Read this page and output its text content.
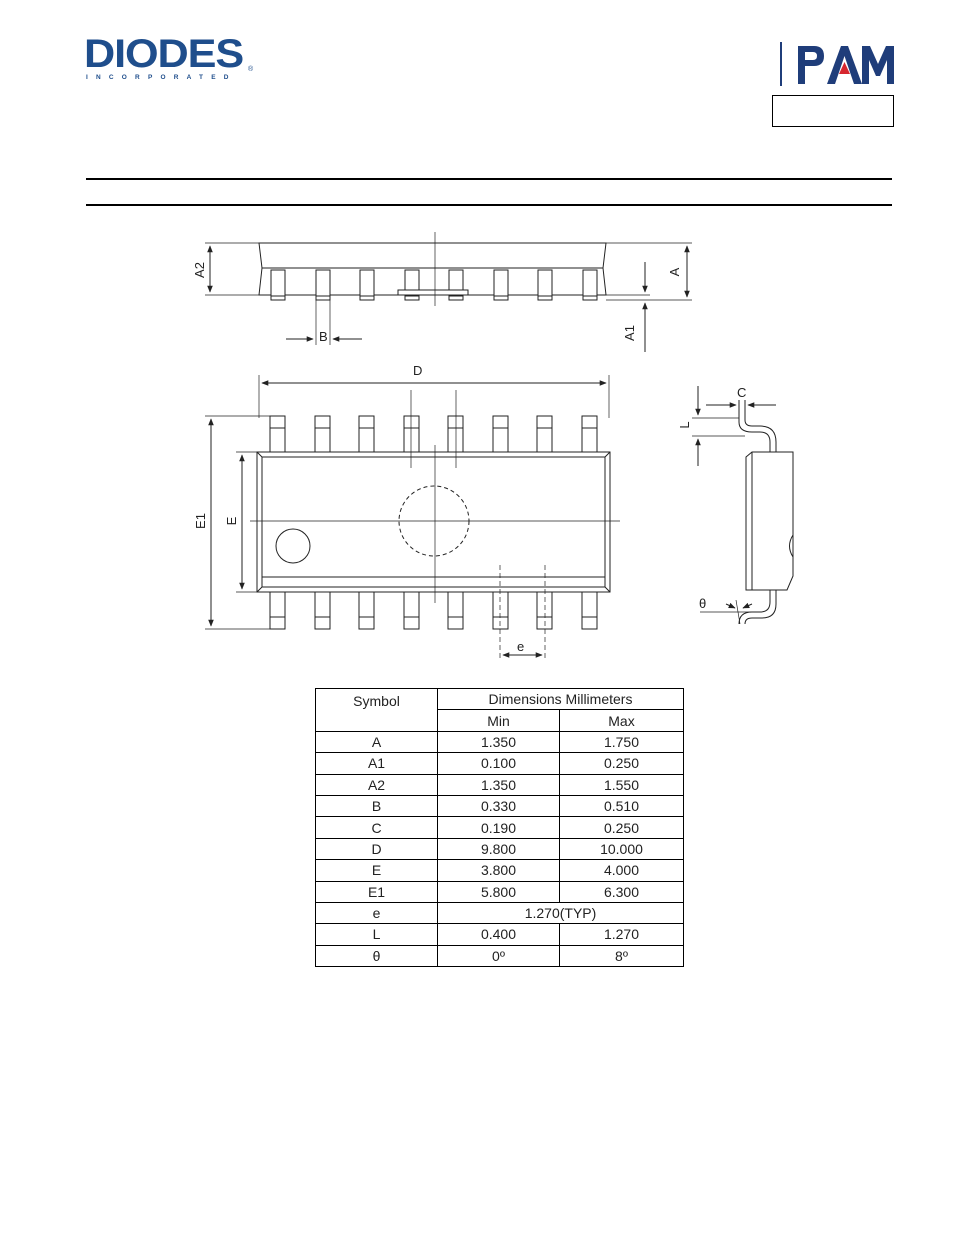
DIODES
INCORPORATED
®
A2	A
A1
B
D
E1 E
e
C
L
θ
Symbol	Dimensions Millimeters	
	Min	Max
A	1.350	1.750
A1	0.100	0.250
A2	1.350	1.550
B	0.330	0.510
C	0.190	0.250
D	9.800	10.000
E	3.800	4.000
E1	5.800	6.300
e	1.270(TYP)	
L	0.400	1.270
θ	0º	8º
